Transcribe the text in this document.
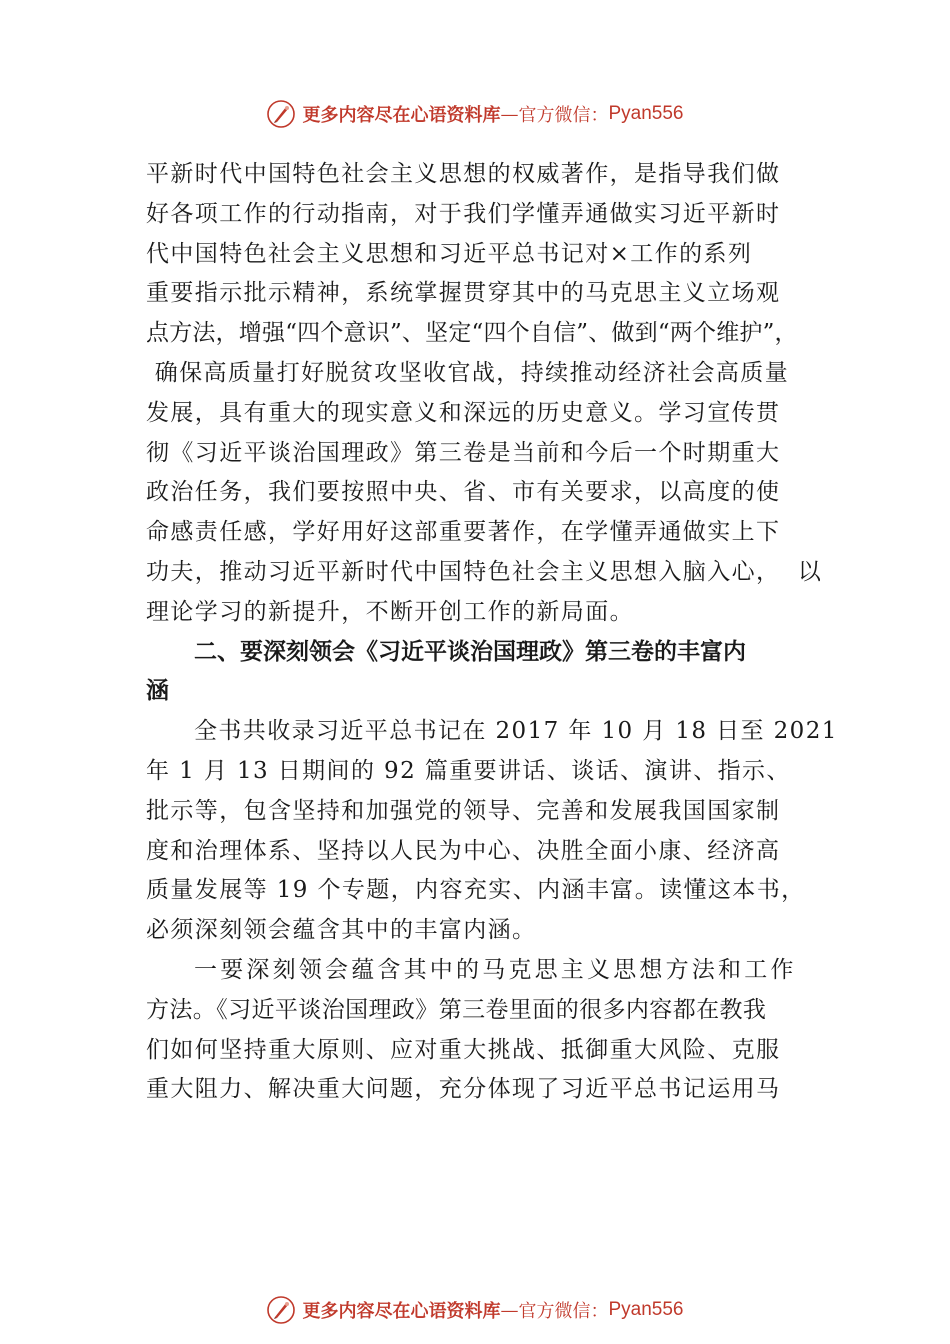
更多内容尽在心语资料库 — 官方微信： Pyan556
平新时代中国特色社会主义思想的权威著作，是指导我们做
好各项工作的行动指南，对于我们学懂弄通做实习近平新时
代中国特色社会主义思想和习近平总书记对×工作的系列
重要指示批示精神，系统掌握贯穿其中的马克思主义立场观
点方法，增强“四个意识”、坚定“四个自信”、做到“两个维护”，
确保高质量打好脱贫攻坚收官战，持续推动经济社会高质量
发展，具有重大的现实意义和深远的历史意义。学习宣传贯
彻《习近平谈治国理政》第三卷是当前和今后一个时期重大
政治任务，我们要按照中央、省、市有关要求，以高度的使
命感责任感，学好用好这部重要著作，在学懂弄通做实上下
功夫，推动习近平新时代中国特色社会主义思想入脑入心，  以
理论学习的新提升，不断开创工作的新局面。
二、要深刻领会《习近平谈治国理政》第三卷的丰富内
涵
全书共收录习近平总书记在 2017 年 10 月 18 日至 2021
年 1 月 13 日期间的 92 篇重要讲话、谈话、演讲、指示、
批示等，包含坚持和加强党的领导、完善和发展我国国家制
度和治理体系、坚持以人民为中心、决胜全面小康、经济高
质量发展等 19 个专题，内容充实、内涵丰富。读懂这本书，
必须深刻领会蕴含其中的丰富内涵。
一要深刻领会蕴含其中的马克思主义思想方法和工作
方法。《习近平谈治国理政》第三卷里面的很多内容都在教我
们如何坚持重大原则、应对重大挑战、抵御重大风险、克服
重大阻力、解决重大问题，充分体现了习近平总书记运用马
更多内容尽在心语资料库 — 官方微信： Pyan556
